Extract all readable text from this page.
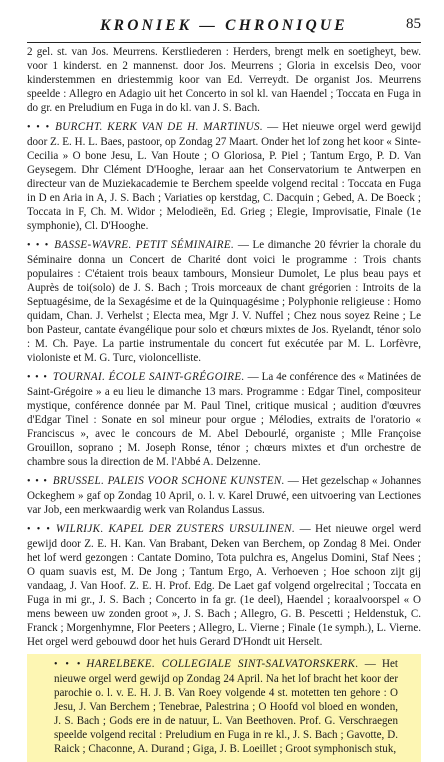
KRONIEK — CHRONIQUE	85

2 gel. st. van Jos. Meurrens. Kerstliederen : Herders, brengt melk en soetigheyt, bew. voor 1 kinderst. en 2 mannenst. door Jos. Meurrens ; Gloria in excelsis Deo, voor kinderstemmen en driestemmig koor van Ed. Verreydt. De organist Jos. Meurrens speelde : Allegro en Adagio uit het Concerto in sol kl. van Haendel ; Toccata en Fuga in do gr. en Preludium en Fuga in do kl. van J. S. Bach.

• • • BURCHT. KERK VAN DE H. MARTINUS. — Het nieuwe orgel werd gewijd door Z. E. H. L. Baes, pastoor, op Zondag 27 Maart. Onder het lof zong het koor « Sinte-Cecilia » O bone Jesu, L. Van Houte ; O Gloriosa, P. Piel ; Tantum Ergo, P. D. Van Geysegem. Dhr Clément D'Hooghe, leraar aan het Conservatorium te Antwerpen en directeur van de Muziekacademie te Berchem speelde volgend recital : Toccata en Fuga in D en Aria in A, J. S. Bach ; Variaties op kerstdag, C. Dacquin ; Gebed, A. De Boeck ; Toccata in F, Ch. M. Widor ; Melodieën, Ed. Grieg ; Elegie, Improvisatie, Finale (1e symphonie), Cl. D'Hooghe.

• • • BASSE-WAVRE. PETIT SÉMINAIRE. — Le dimanche 20 février la chorale du Séminaire donna un Concert de Charité dont voici le programme : Trois chants populaires : C'étaient trois beaux tambours, Monsieur Dumolet, Le plus beau pays et Auprès de toi(solo) de J. S. Bach ; Trois morceaux de chant grégorien : Introits de la Septuagésime, de la Sexagésime et de la Quinquagésime ; Polyphonie religieuse : Homo quidam, Chan. J. Verhelst ; Electa mea, Mgr J. V. Nuffel ; Chez nous soyez Reine ; Le bon Pasteur, cantate évangélique pour solo et chœurs mixtes de Jos. Ryelandt, ténor solo : M. Ch. Paye. La partie instrumentale du concert fut exécutée par M. L. Lorfèvre, violoniste et M. G. Turc, violoncelliste.

• • • TOURNAI. ÉCOLE SAINT-GRÉGOIRE. — La 4e conférence des « Matinées de Saint-Grégoire » a eu lieu le dimanche 13 mars. Programme : Edgar Tinel, compositeur mystique, conférence donnée par M. Paul Tinel, critique musical ; audition d'œuvres d'Edgar Tinel : Sonate en sol mineur pour orgue ; Mélodies, extraits de l'oratorio « Franciscus », avec le concours de M. Abel Debourlé, organiste ; Mlle Françoise Grouillon, soprano ; M. Joseph Ronse, ténor ; chœurs mixtes et d'un orchestre de chambre sous la direction de M. l'Abbé A. Delzenne.

• • • BRUSSEL. PALEIS VOOR SCHONE KUNSTEN. — Het gezelschap « Johannes Ockeghem » gaf op Zondag 10 April, o. l. v. Karel Druwé, een uitvoering van Lectiones var Job, een merkwaardig werk van Rolandus Lassus.

• • • WILRIJK. KAPEL DER ZUSTERS URSULINEN. — Het nieuwe orgel werd gewijd door Z. E. H. Kan. Van Brabant, Deken van Berchem, op Zondag 8 Mei. Onder het lof werd gezongen : Cantate Domino, Tota pulchra es, Angelus Domini, Staf Nees ; O quam suavis est, M. De Jong ; Tantum Ergo, A. Verhoeven ; Hoe schoon zijt gij vandaag, J. Van Hoof. Z. E. H. Prof. Edg. De Laet gaf volgend orgelrecital ; Toccata en Fuga in mi gr., J. S. Bach ; Concerto in fa gr. (1e deel), Haendel ; koraalvoorspel « O mens beween uw zonden groot », J. S. Bach ; Allegro, G. B. Pescetti ; Heldenstuk, C. Franck ; Morgenhymne, Flor Peeters ; Allegro, L. Vierne ; Finale (1e symph.), L. Vierne. Het orgel werd gebouwd door het huis Gerard D'Hondt uit Herselt.

• • • HARELBEKE. COLLEGIALE SINT-SALVATORSKERK. — Het nieuwe orgel werd gewijd op Zondag 24 April. Na het lof bracht het koor der parochie o. l. v. E. H. J. B. Van Roey volgende 4 st. motetten ten gehore : O Jesu, J. Van Berchem ; Tenebrae, Palestrina ; O Hoofd vol bloed en wonden, J. S. Bach ; Gods ere in de natuur, L. Van Beethoven. Prof. G. Verschraegen speelde volgend recital : Preludium en Fuga in re kl., J. S. Bach ; Gavotte, D. Raick ; Chaconne, A. Durand ; Giga, J. B. Loeillet ; Groot symphonisch stuk,
